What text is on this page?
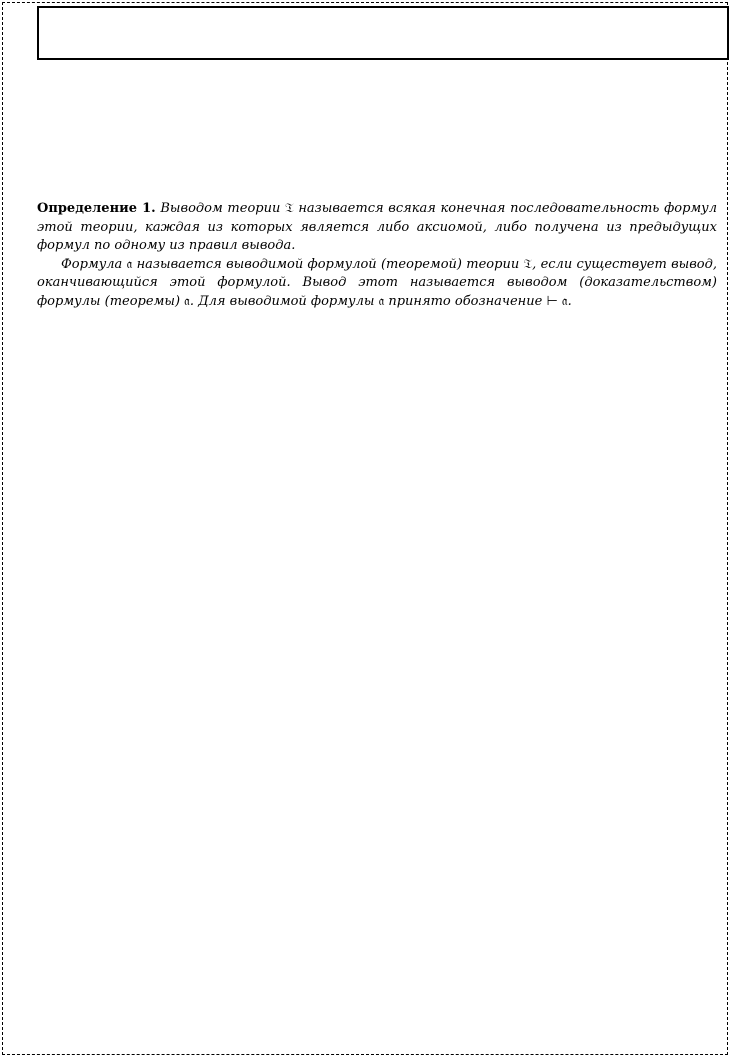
Определение 1. Выводом теории 𝔗 называется всякая конечная последовательность формул этой теории, каждая из которых является либо аксиомой, либо получена из предыдущих формул по одному из правил вывода.

Формула 𝔞 называется выводимой формулой (теоремой) теории 𝔗, если существует вывод, оканчивающийся этой формулой. Вывод этот называется выводом (доказательством) формулы (теоремы) 𝔞. Для выводимой формулы 𝔞 принято обозначение ⊢ 𝔞.
